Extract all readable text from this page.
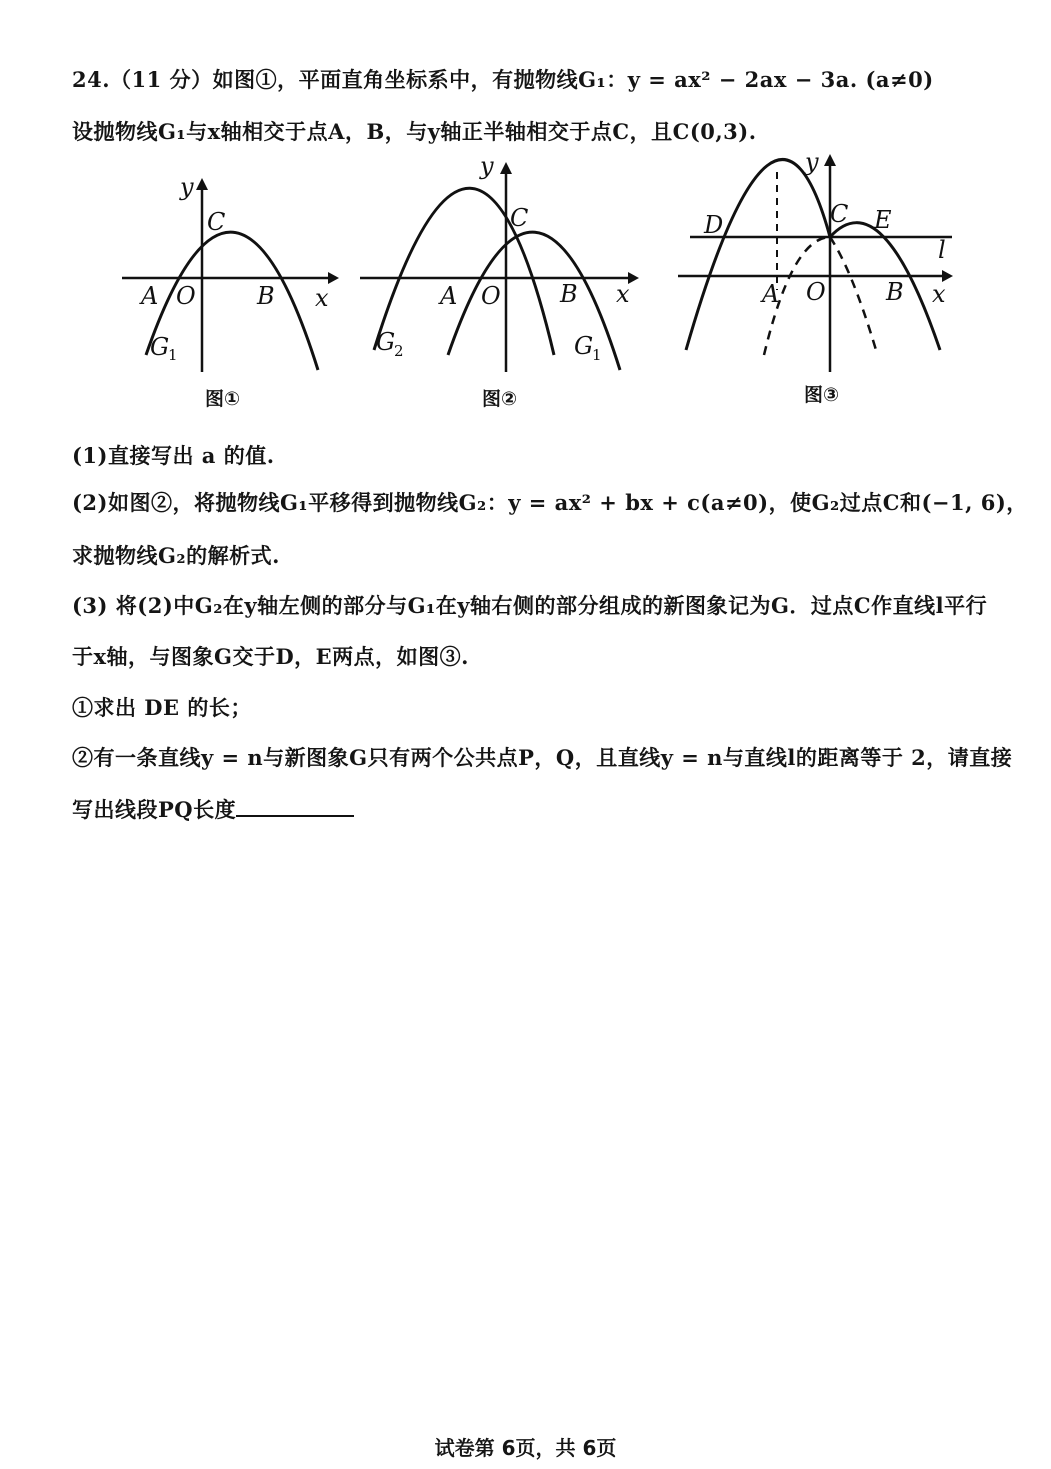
24.（11 分）如图①，平面直角坐标系中，有抛物线G₁：y = ax² − 2ax − 3a. (a≠0)
设抛物线G₁与x轴相交于点A，B，与y轴正半轴相交于点C，且C(0,3).
y
x
C
A O	B
G
1
图①
y
x
C
A O B
G
2	G
1
图②
y
x
C
D	E
l
A O	B
图③
(1)直接写出 a 的值.
(2)如图②，将抛物线G₁平移得到抛物线G₂：y = ax² + bx + c(a≠0)，使G₂过点C和(−1, 6)，
求抛物线G₂的解析式.
(3) 将(2)中G₂在y轴左侧的部分与G₁在y轴右侧的部分组成的新图象记为G．过点C作直线l平行
于x轴，与图象G交于D，E两点，如图③.
①求出 DE 的长；
②有一条直线y = n与新图象G只有两个公共点P，Q，且直线y = n与直线l的距离等于 2，请直接
写出线段PQ长度
试卷第 6页，共 6页
